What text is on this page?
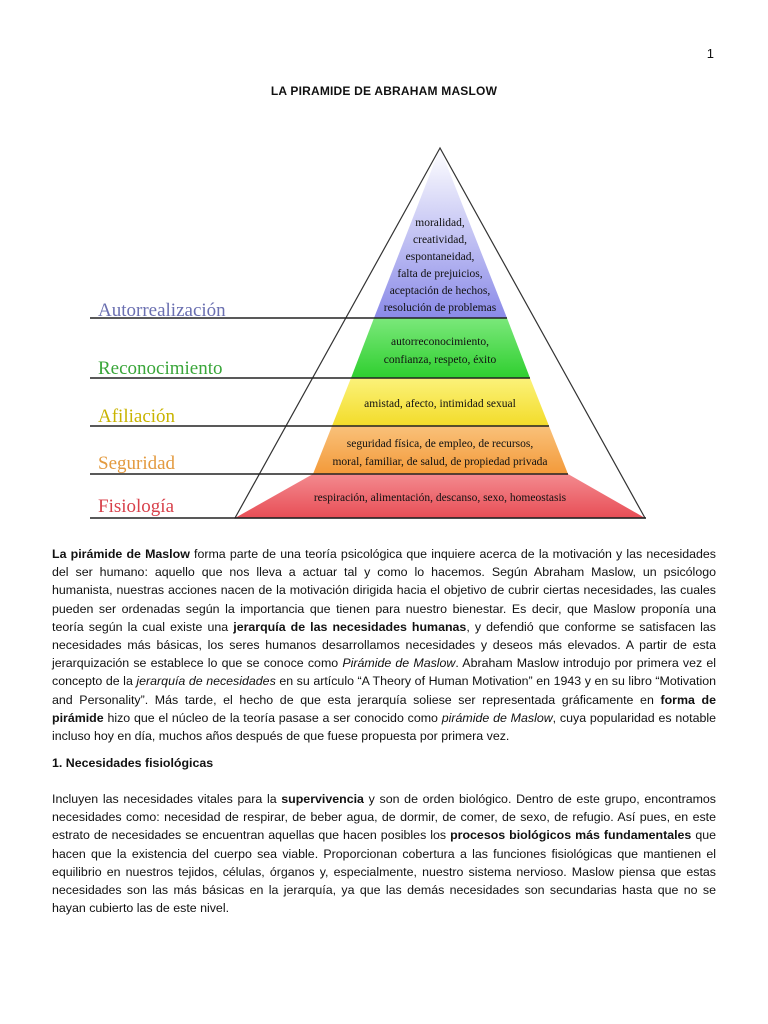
1
LA PIRAMIDE DE ABRAHAM MASLOW
Autorrealización
Reconocimiento
Afiliación
Seguridad
Fisiología
moralidad,
creatividad,
espontaneidad,
falta de prejuicios,
aceptación de hechos,
resolución de problemas
autorreconocimiento,
confianza, respeto, éxito
amistad, afecto, intimidad sexual
seguridad física, de empleo, de recursos,
moral, familiar, de salud, de propiedad privada
respiración, alimentación, descanso, sexo, homeostasis

La pirámide de Maslow forma parte de una teoría psicológica que inquiere acerca de la motivación y las necesidades del ser humano: aquello que nos lleva a actuar tal y como lo hacemos. Según Abraham Maslow, un psicólogo humanista, nuestras acciones nacen de la motivación dirigida hacia el objetivo de cubrir ciertas necesidades, las cuales pueden ser ordenadas según la importancia que tienen para nuestro bienestar. Es decir, que Maslow proponía una teoría según la cual existe una jerarquía de las necesidades humanas, y defendió que conforme se satisfacen las necesidades más básicas, los seres humanos desarrollamos necesidades y deseos más elevados. A partir de esta jerarquización se establece lo que se conoce como Pirámide de Maslow. Abraham Maslow introdujo por primera vez el concepto de la jerarquía de necesidades en su artículo “A Theory of Human Motivation” en 1943 y en su libro “Motivation and Personality”. Más tarde, el hecho de que esta jerarquía soliese ser representada gráficamente en forma de pirámide hizo que el núcleo de la teoría pasase a ser conocido como pirámide de Maslow, cuya popularidad es notable incluso hoy en día, muchos años después de que fuese propuesta por primera vez.

1. Necesidades fisiológicas

Incluyen las necesidades vitales para la supervivencia y son de orden biológico. Dentro de este grupo, encontramos necesidades como: necesidad de respirar, de beber agua, de dormir, de comer, de sexo, de refugio. Así pues, en este estrato de necesidades se encuentran aquellas que hacen posibles los procesos biológicos más fundamentales que hacen que la existencia del cuerpo sea viable. Proporcionan cobertura a las funciones fisiológicas que mantienen el equilibrio en nuestros tejidos, células, órganos y, especialmente, nuestro sistema nervioso. Maslow piensa que estas necesidades son las más básicas en la jerarquía, ya que las demás necesidades son secundarias hasta que no se hayan cubierto las de este nivel.
